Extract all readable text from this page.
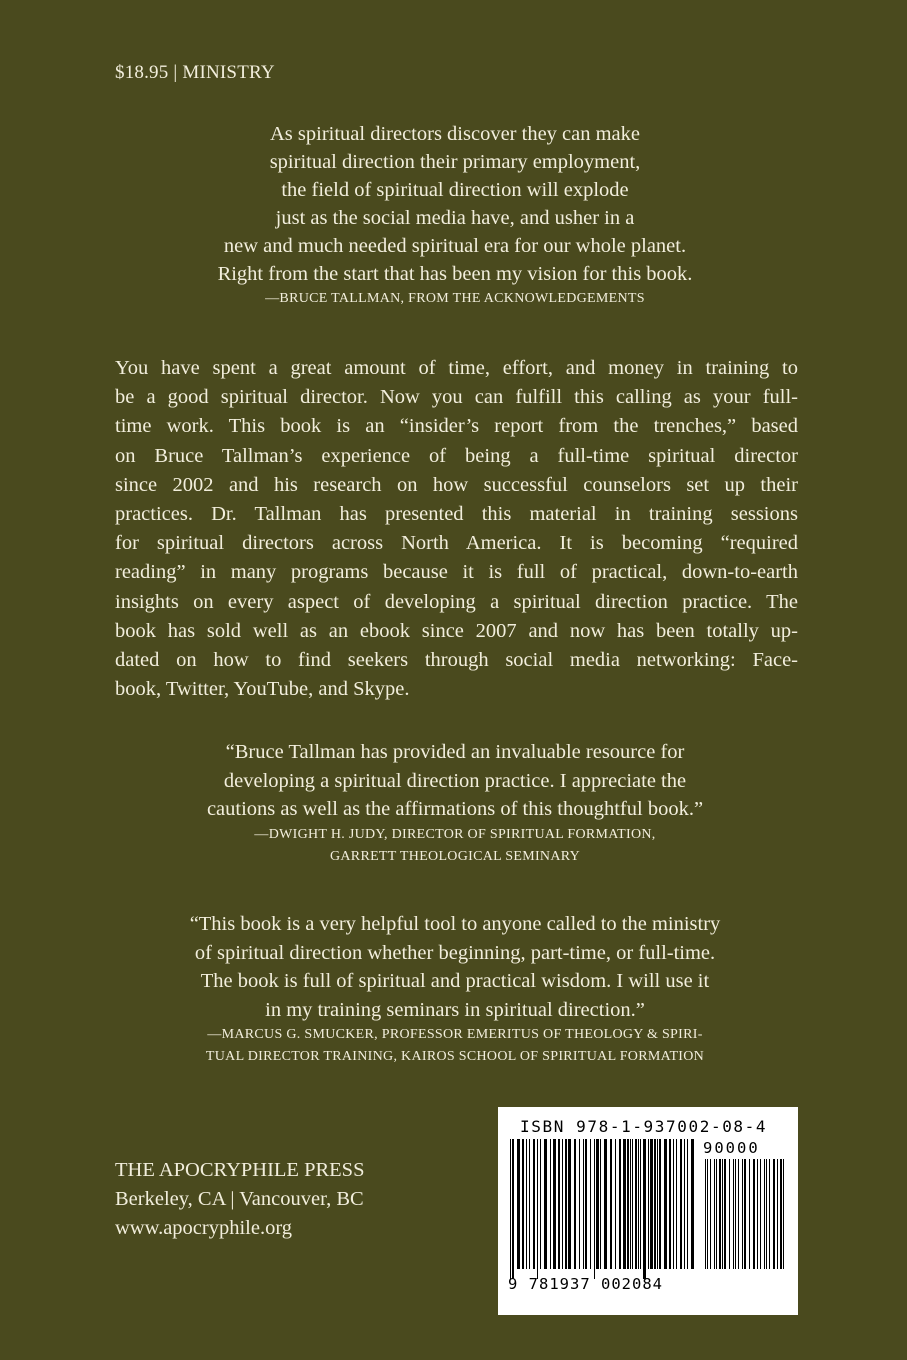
$18.95 | MINISTRY
As spiritual directors discover they can make
spiritual direction their primary employment,
the field of spiritual direction will explode
just as the social media have, and usher in a
new and much needed spiritual era for our whole planet.
Right from the start that has been my vision for this book.
—BRUCE TALLMAN, FROM THE ACKNOWLEDGEMENTS
You have spent a great amount of time, effort, and money in training to
be a good spiritual director. Now you can fulfill this calling as your full-
time work. This book is an “insider’s report from the trenches,” based
on Bruce Tallman’s experience of being a full-time spiritual director
since 2002 and his research on how successful counselors set up their
practices. Dr. Tallman has presented this material in training sessions
for spiritual directors across North America. It is becoming “required
reading” in many programs because it is full of practical, down-to-earth
insights on every aspect of developing a spiritual direction practice. The
book has sold well as an ebook since 2007 and now has been totally up-
dated on how to find seekers through social media networking: Face-
book, Twitter, YouTube, and Skype.
“Bruce Tallman has provided an invaluable resource for
developing a spiritual direction practice. I appreciate the
cautions as well as the affirmations of this thoughtful book.”
—DWIGHT H. JUDY, DIRECTOR OF SPIRITUAL FORMATION,
GARRETT THEOLOGICAL SEMINARY
“This book is a very helpful tool to anyone called to the ministry
of spiritual direction whether beginning, part-time, or full-time.
The book is full of spiritual and practical wisdom. I will use it
in my training seminars in spiritual direction.”
—MARCUS G. SMUCKER, PROFESSOR EMERITUS OF THEOLOGY & SPIRI-
TUAL DIRECTOR TRAINING, KAIROS SCHOOL OF SPIRITUAL FORMATION
THE APOCRYPHILE PRESS
Berkeley, CA | Vancouver, BC
www.apocryphile.org
ISBN 978-1-937002-08-4
90000
9 781937 002084
